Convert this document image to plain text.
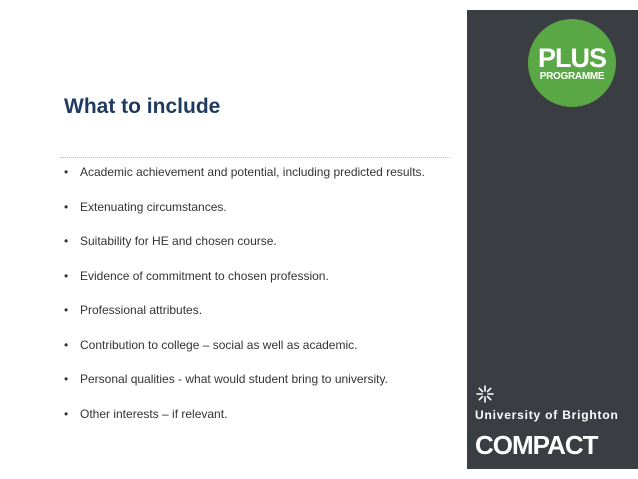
What to include
• Academic achievement and potential, including predicted results.
• Extenuating circumstances.
• Suitability for HE and chosen course.
• Evidence of commitment to chosen profession.
• Professional attributes.
• Contribution to college – social as well as academic.
• Personal qualities - what would student bring to university.
• Other interests – if relevant.
PLUS
PROGRAMME
University of Brighton
COMPACT
